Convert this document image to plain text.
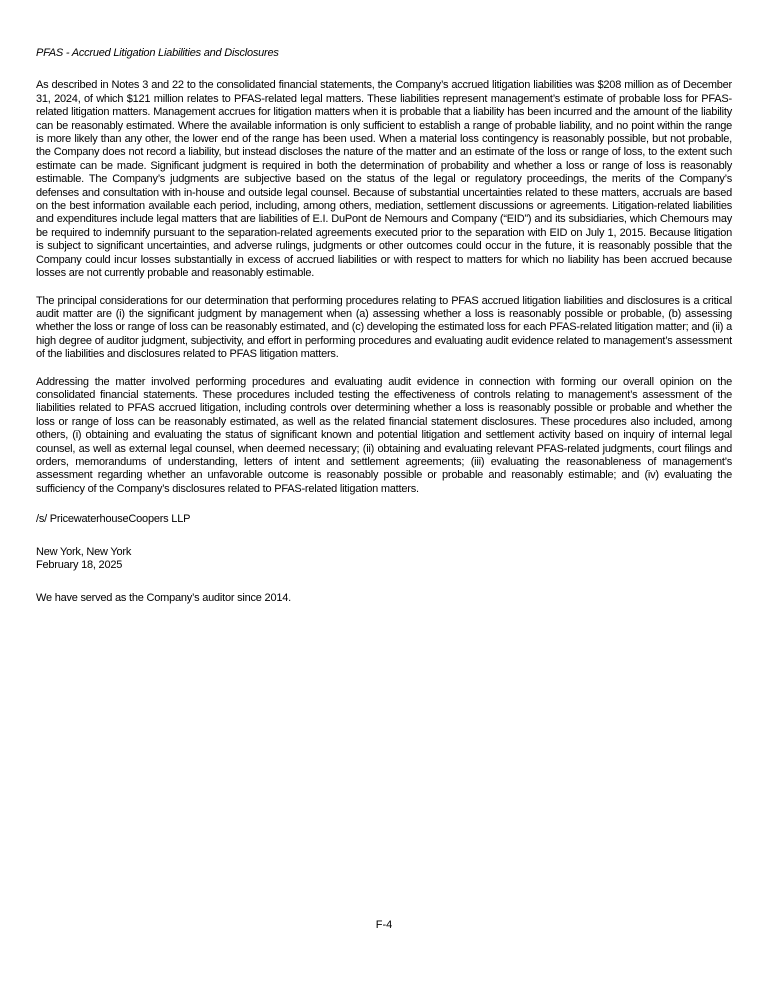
PFAS - Accrued Litigation Liabilities and Disclosures

As described in Notes 3 and 22 to the consolidated financial statements, the Company’s accrued litigation liabilities was $208 million as of December 31, 2024, of which $121 million relates to PFAS-related legal matters. These liabilities represent management’s estimate of probable loss for PFAS-related litigation matters. Management accrues for litigation matters when it is probable that a liability has been incurred and the amount of the liability can be reasonably estimated. Where the available information is only sufficient to establish a range of probable liability, and no point within the range is more likely than any other, the lower end of the range has been used. When a material loss contingency is reasonably possible, but not probable, the Company does not record a liability, but instead discloses the nature of the matter and an estimate of the loss or range of loss, to the extent such estimate can be made. Significant judgment is required in both the determination of probability and whether a loss or range of loss is reasonably estimable. The Company’s judgments are subjective based on the status of the legal or regulatory proceedings, the merits of the Company’s defenses and consultation with in-house and outside legal counsel. Because of substantial uncertainties related to these matters, accruals are based on the best information available each period, including, among others, mediation, settlement discussions or agreements. Litigation-related liabilities and expenditures include legal matters that are liabilities of E.I. DuPont de Nemours and Company (“EID”) and its subsidiaries, which Chemours may be required to indemnify pursuant to the separation-related agreements executed prior to the separation with EID on July 1, 2015. Because litigation is subject to significant uncertainties, and adverse rulings, judgments or other outcomes could occur in the future, it is reasonably possible that the Company could incur losses substantially in excess of accrued liabilities or with respect to matters for which no liability has been accrued because losses are not currently probable and reasonably estimable.

The principal considerations for our determination that performing procedures relating to PFAS accrued litigation liabilities and disclosures is a critical audit matter are (i) the significant judgment by management when (a) assessing whether a loss is reasonably possible or probable, (b) assessing whether the loss or range of loss can be reasonably estimated, and (c) developing the estimated loss for each PFAS-related litigation matter; and (ii) a high degree of auditor judgment, subjectivity, and effort in performing procedures and evaluating audit evidence related to management’s assessment of the liabilities and disclosures related to PFAS litigation matters.

Addressing the matter involved performing procedures and evaluating audit evidence in connection with forming our overall opinion on the consolidated financial statements. These procedures included testing the effectiveness of controls relating to management’s assessment of the liabilities related to PFAS accrued litigation, including controls over determining whether a loss is reasonably possible or probable and whether the loss or range of loss can be reasonably estimated, as well as the related financial statement disclosures. These procedures also included, among others, (i) obtaining and evaluating the status of significant known and potential litigation and settlement activity based on inquiry of internal legal counsel, as well as external legal counsel, when deemed necessary; (ii) obtaining and evaluating relevant PFAS-related judgments, court filings and orders, memorandums of understanding, letters of intent and settlement agreements; (iii) evaluating the reasonableness of management’s assessment regarding whether an unfavorable outcome is reasonably possible or probable and reasonably estimable; and (iv) evaluating the sufficiency of the Company’s disclosures related to PFAS-related litigation matters.

/s/ PricewaterhouseCoopers LLP

New York, New York

February 18, 2025

We have served as the Company’s auditor since 2014.

F-4
